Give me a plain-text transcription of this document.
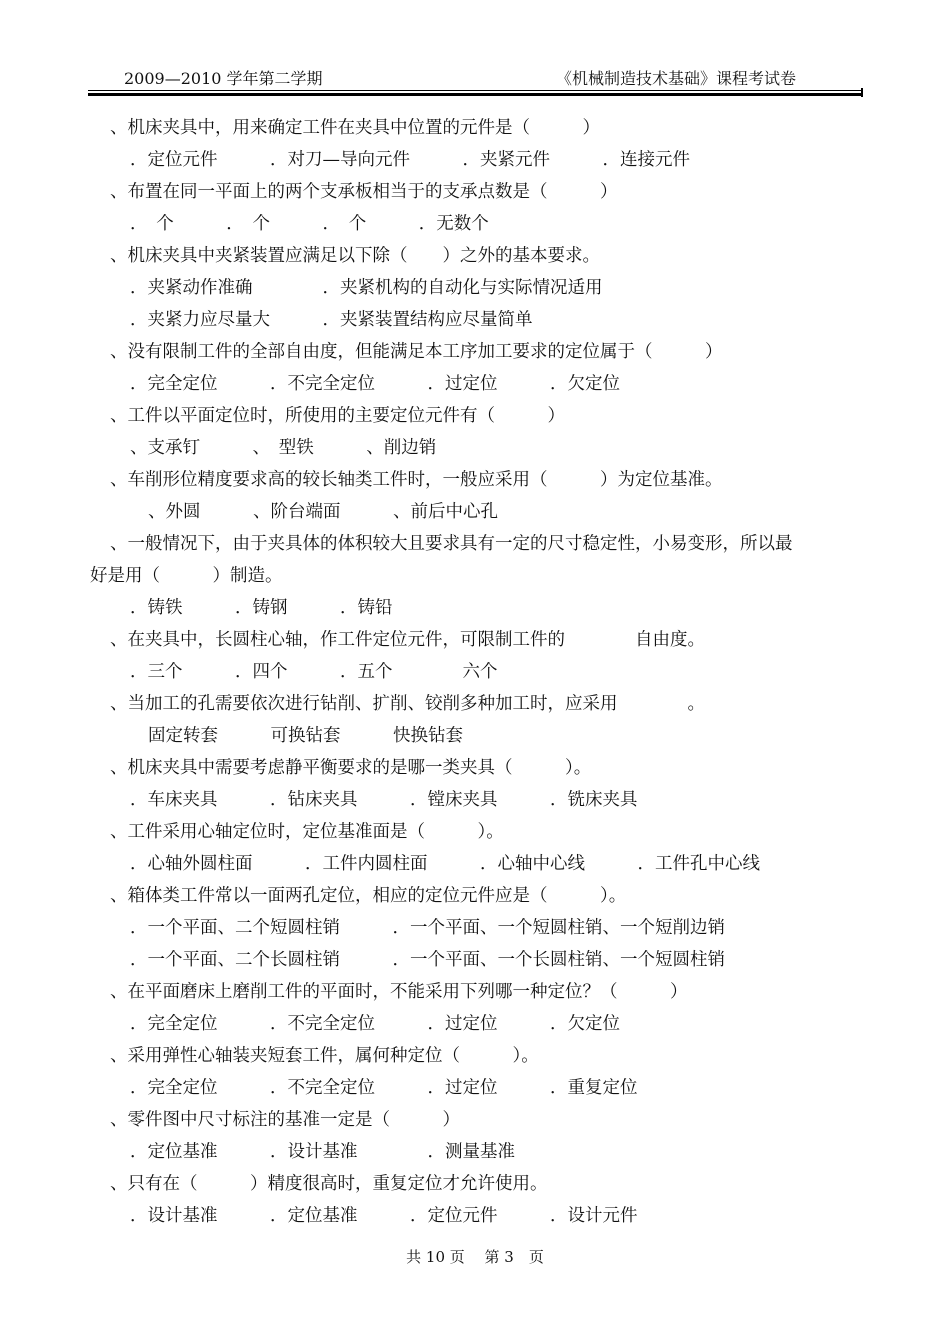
2009—2010 学年第二学期	《机械制造技术基础》课程考试卷
、机床夹具中，用来确定工件在夹具中位置的元件是（　　　）
．定位元件　　　．对刀—导向元件　　　．夹紧元件　　　．连接元件
、布置在同一平面上的两个支承板相当于的支承点数是（　　　）
．　个　　　．　个　　　．　个　　　．无数个
、机床夹具中夹紧装置应满足以下除（　　）之外的基本要求。
．夹紧动作准确　　　　．夹紧机构的自动化与实际情况适用
．夹紧力应尽量大　　　．夹紧装置结构应尽量简单
、没有限制工件的全部自由度，但能满足本工序加工要求的定位属于（　　　）
．完全定位　　　．不完全定位　　　．过定位　　　．欠定位
、工件以平面定位时，所使用的主要定位元件有（　　　）
、支承钉　　　、　型铁　　　、削边销
、车削形位精度要求高的较长轴类工件时，一般应采用（　　　）为定位基准。
、外圆　　　、阶台端面　　　、前后中心孔
、一般情况下，由于夹具体的体积较大且要求具有一定的尺寸稳定性，小易变形，所以最
好是用（　　　）制造。
．铸铁　　　．铸钢　　　．铸铅
、在夹具中，长圆柱心轴，作工件定位元件，可限制工件的　　　　自由度。
．三个　　　．四个　　　．五个　　　　六个
、当加工的孔需要依次进行钻削、扩削、铰削多种加工时，应采用　　　　。
固定转套　　　可换钻套　　　快换钻套
、机床夹具中需要考虑静平衡要求的是哪一类夹具（　　　）。
．车床夹具　　　．钻床夹具　　　．镗床夹具　　　．铣床夹具
、工件采用心轴定位时，定位基准面是（　　　）。
．心轴外圆柱面　　　．工件内圆柱面　　　．心轴中心线　　　．工件孔中心线
、箱体类工件常以一面两孔定位，相应的定位元件应是（　　　）。
．一个平面、二个短圆柱销　　　．一个平面、一个短圆柱销、一个短削边销
．一个平面、二个长圆柱销　　　．一个平面、一个长圆柱销、一个短圆柱销
、在平面磨床上磨削工件的平面时，不能采用下列哪一种定位？（　　　）
．完全定位　　　．不完全定位　　　．过定位　　　．欠定位
、采用弹性心轴装夹短套工件，属何种定位（　　　）。
．完全定位　　　．不完全定位　　　．过定位　　　．重复定位
、零件图中尺寸标注的基准一定是（　　　）
．定位基准　　　．设计基准　　　　．测量基准
、只有在（　　　）精度很高时，重复定位才允许使用。
．设计基准　　　．定位基准　　　．定位元件　　　．设计元件
共 10 页　 第 3　页
